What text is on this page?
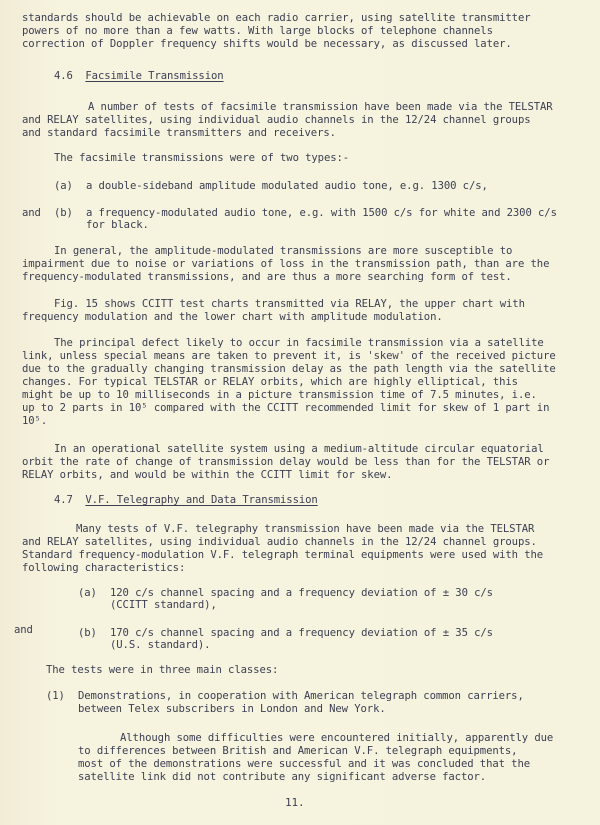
standards should be achievable on each radio carrier, using satellite transmitter
powers of no more than a few watts. With large blocks of telephone channels
correction of Doppler frequency shifts would be necessary, as discussed later.
4.6 Facsimile Transmission
A number of tests of facsimile transmission have been made via the TELSTAR
and RELAY satellites, using individual audio channels in the 12/24 channel groups
and standard facsimile transmitters and receivers.
The facsimile transmissions were of two types:-
(a) a double-sideband amplitude modulated audio tone, e.g. 1300 c/s,
and (b) a frequency-modulated audio tone, e.g. with 1500 c/s for white and 2300 c/s
for black.
In general, the amplitude-modulated transmissions are more susceptible to
impairment due to noise or variations of loss in the transmission path, than are the
frequency-modulated transmissions, and are thus a more searching form of test.
Fig. 15 shows CCITT test charts transmitted via RELAY, the upper chart with
frequency modulation and the lower chart with amplitude modulation.
The principal defect likely to occur in facsimile transmission via a satellite
link, unless special means are taken to prevent it, is 'skew' of the received picture
due to the gradually changing transmission delay as the path length via the satellite
changes. For typical TELSTAR or RELAY orbits, which are highly elliptical, this
might be up to 10 milliseconds in a picture transmission time of 7.5 minutes, i.e.
up to 2 parts in 10⁵ compared with the CCITT recommended limit for skew of 1 part in
10⁵.
In an operational satellite system using a medium-altitude circular equatorial
orbit the rate of change of transmission delay would be less than for the TELSTAR or
RELAY orbits, and would be within the CCITT limit for skew.
4.7 V.F. Telegraphy and Data Transmission
Many tests of V.F. telegraphy transmission have been made via the TELSTAR
and RELAY satellites, using individual audio channels in the 12/24 channel groups.
Standard frequency-modulation V.F. telegraph terminal equipments were used with the
following characteristics:
(a) 120 c/s channel spacing and a frequency deviation of ± 30 c/s
(CCITT standard),
and	(b) 170 c/s channel spacing and a frequency deviation of ± 35 c/s
(U.S. standard).
The tests were in three main classes:
(1) Demonstrations, in cooperation with American telegraph common carriers,
between Telex subscribers in London and New York.
Although some difficulties were encountered initially, apparently due
to differences between British and American V.F. telegraph equipments,
most of the demonstrations were successful and it was concluded that the
satellite link did not contribute any significant adverse factor.
11.
